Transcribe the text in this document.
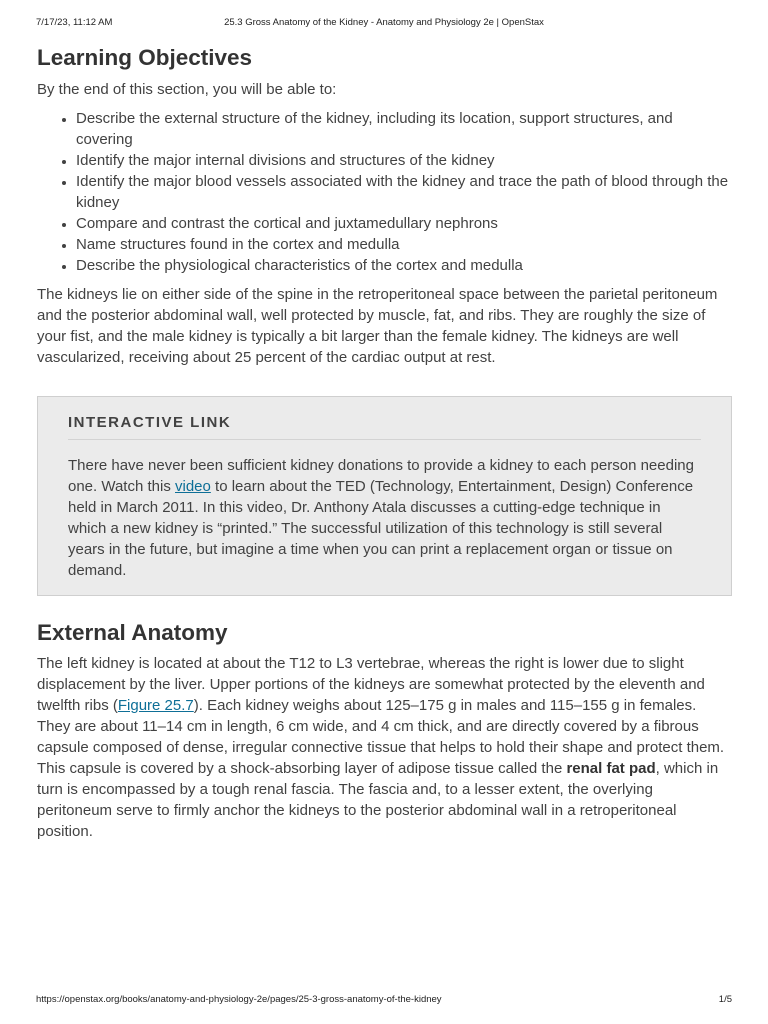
7/17/23, 11:12 AM	25.3 Gross Anatomy of the Kidney - Anatomy and Physiology 2e | OpenStax
Learning Objectives

By the end of this section, you will be able to:

• Describe the external structure of the kidney, including its location, support structures, and covering
• Identify the major internal divisions and structures of the kidney
• Identify the major blood vessels associated with the kidney and trace the path of blood through the kidney
• Compare and contrast the cortical and juxtamedullary nephrons
• Name structures found in the cortex and medulla
• Describe the physiological characteristics of the cortex and medulla

The kidneys lie on either side of the spine in the retroperitoneal space between the parietal peritoneum and the posterior abdominal wall, well protected by muscle, fat, and ribs. They are roughly the size of your fist, and the male kidney is typically a bit larger than the female kidney. The kidneys are well vascularized, receiving about 25 percent of the cardiac output at rest.

INTERACTIVE LINK

There have never been sufficient kidney donations to provide a kidney to each person needing one. Watch this video to learn about the TED (Technology, Entertainment, Design) Conference held in March 2011. In this video, Dr. Anthony Atala discusses a cutting-edge technique in which a new kidney is “printed.” The successful utilization of this technology is still several years in the future, but imagine a time when you can print a replacement organ or tissue on demand.

External Anatomy

The left kidney is located at about the T12 to L3 vertebrae, whereas the right is lower due to slight displacement by the liver. Upper portions of the kidneys are somewhat protected by the eleventh and twelfth ribs (Figure 25.7). Each kidney weighs about 125–175 g in males and 115–155 g in females. They are about 11–14 cm in length, 6 cm wide, and 4 cm thick, and are directly covered by a fibrous capsule composed of dense, irregular connective tissue that helps to hold their shape and protect them. This capsule is covered by a shock-absorbing layer of adipose tissue called the renal fat pad, which in turn is encompassed by a tough renal fascia. The fascia and, to a lesser extent, the overlying peritoneum serve to firmly anchor the kidneys to the posterior abdominal wall in a retroperitoneal position.

https://openstax.org/books/anatomy-and-physiology-2e/pages/25-3-gross-anatomy-of-the-kidney	1/5
